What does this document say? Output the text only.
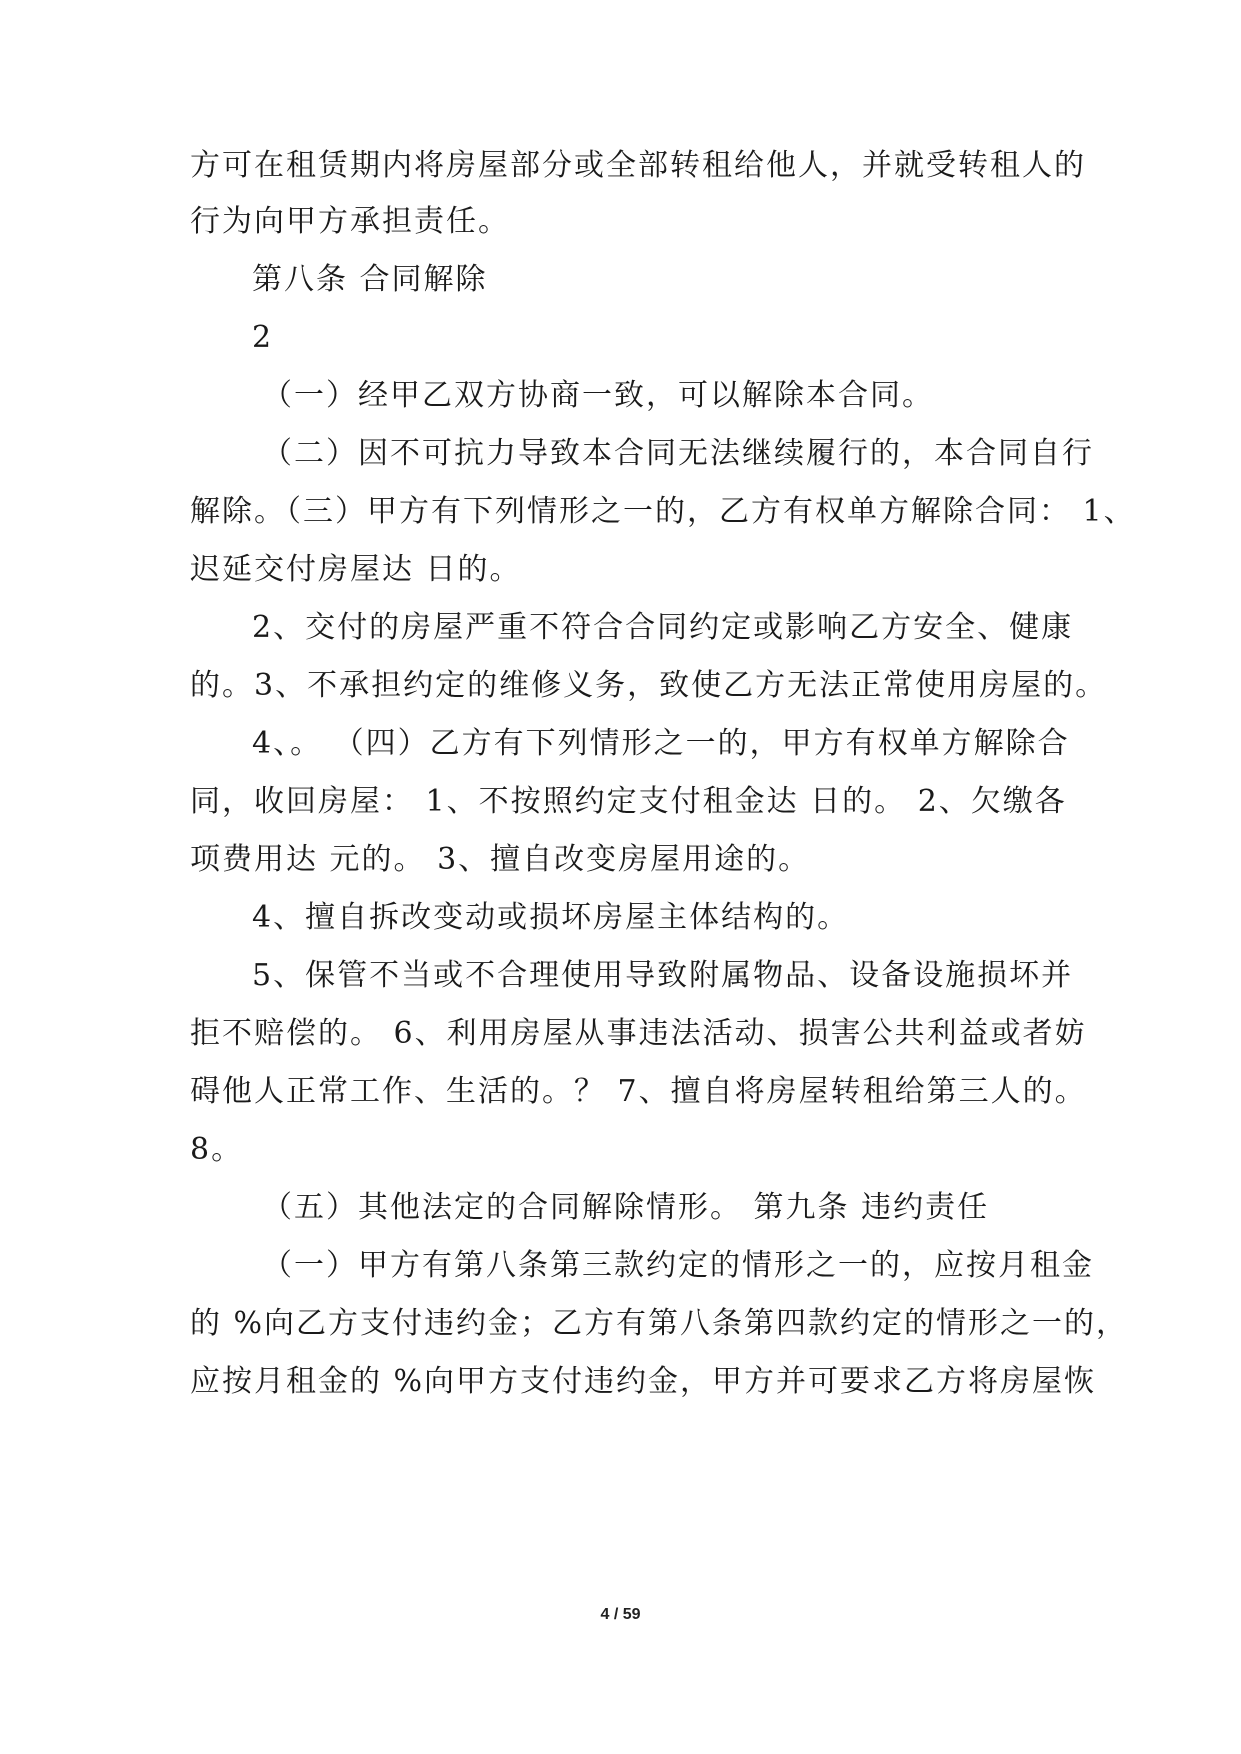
方可在租赁期内将房屋部分或全部转租给他人，并就受转租人的
行为向甲方承担责任。
第八条 合同解除
2
（一）经甲乙双方协商一致，可以解除本合同。
（二）因不可抗力导致本合同无法继续履行的，本合同自行
解除。（三）甲方有下列情形之一的，乙方有权单方解除合同： 1、
迟延交付房屋达 日的。
2、交付的房屋严重不符合合同约定或影响乙方安全、健康
的。3、不承担约定的维修义务，致使乙方无法正常使用房屋的。
4、。 （四）乙方有下列情形之一的，甲方有权单方解除合
同，收回房屋： 1、不按照约定支付租金达 日的。 2、欠缴各
项费用达 元的。 3、擅自改变房屋用途的。
4、擅自拆改变动或损坏房屋主体结构的。
5、保管不当或不合理使用导致附属物品、设备设施损坏并
拒不赔偿的。 6、利用房屋从事违法活动、损害公共利益或者妨
碍他人正常工作、生活的。？ 7、擅自将房屋转租给第三人的。
8。
（五）其他法定的合同解除情形。 第九条 违约责任
（一）甲方有第八条第三款约定的情形之一的，应按月租金
的 %向乙方支付违约金；乙方有第八条第四款约定的情形之一的，
应按月租金的 %向甲方支付违约金，甲方并可要求乙方将房屋恢
4 / 59
